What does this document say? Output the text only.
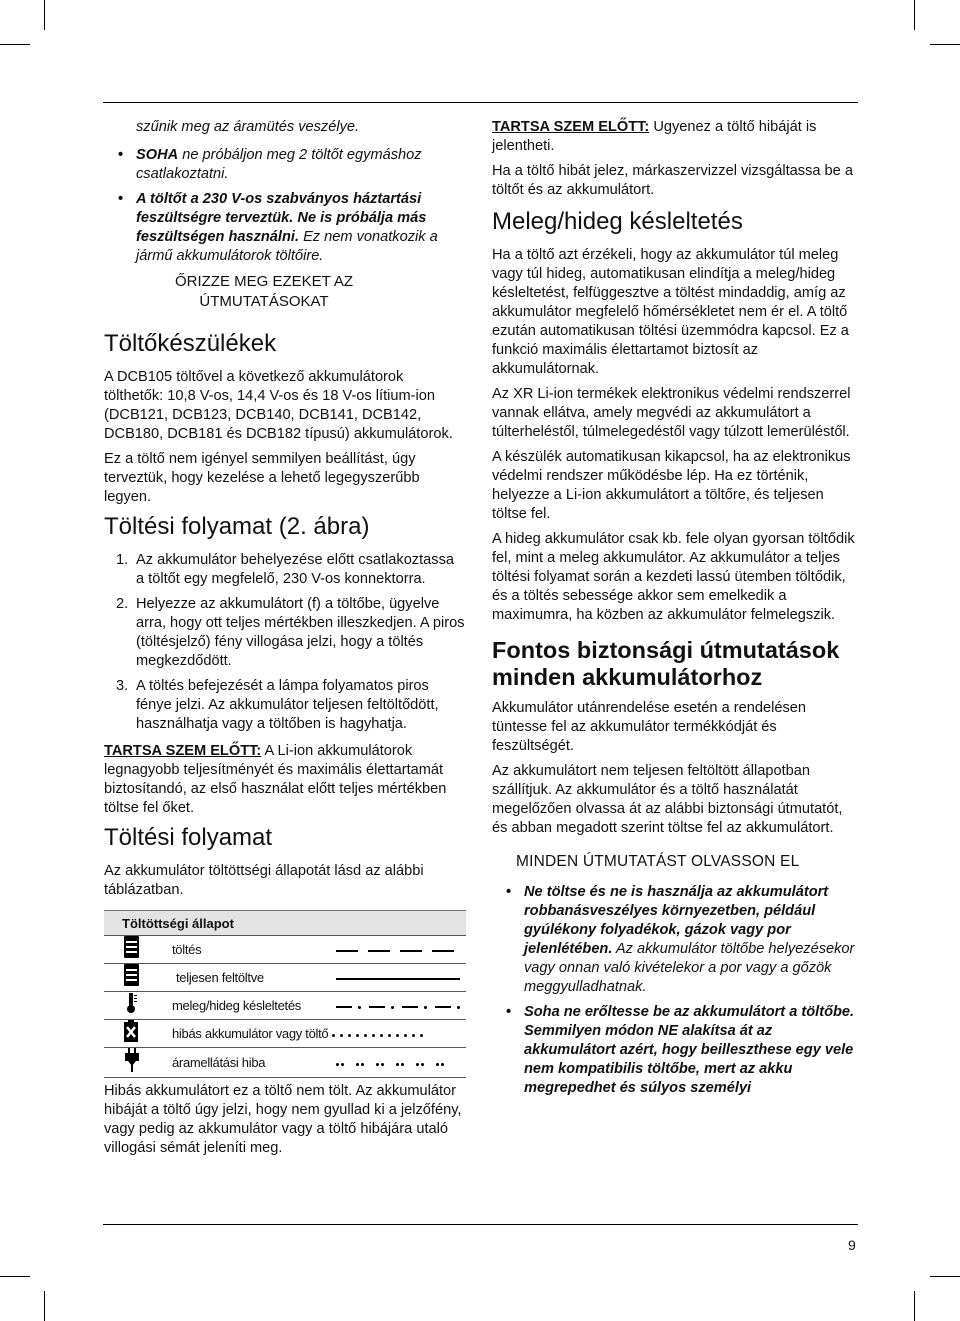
szűnik meg az áramütés veszélye.

• SOHA ne próbáljon meg 2 töltőt egymáshoz csatlakoztatni.
• A töltőt a 230 V-os szabványos háztartási feszültségre terveztük. Ne is próbálja más feszültségen használni. Ez nem vonatkozik a jármű akkumulátorok töltőire.
ŐRIZZE MEG EZEKET AZ ÚTMUTATÁSOKAT
Töltőkészülékek

A DCB105 töltővel a következő akkumulátorok tölthetők: 10,8 V-os, 14,4 V-os és 18 V-os lítium-ion (DCB121, DCB123, DCB140, DCB141, DCB142, DCB180, DCB181 és DCB182 típusú) akkumulátorok.

Ez a töltő nem igényel semmilyen beállítást, úgy terveztük, hogy kezelése a lehető legegyszerűbb legyen.

Töltési folyamat (2. ábra)
1. Az akkumulátor behelyezése előtt csatlakoztassa a töltőt egy megfelelő, 230 V-os konnektorra.
2. Helyezze az akkumulátort (f) a töltőbe, ügyelve arra, hogy ott teljes mértékben illeszkedjen. A piros (töltésjelző) fény villogása jelzi, hogy a töltés megkezdődött.
3. A töltés befejezését a lámpa folyamatos piros fénye jelzi. Az akkumulátor teljesen feltöltődött, használhatja vagy a töltőben is hagyhatja.

TARTSA SZEM ELŐTT: A Li-ion akkumulátorok legnagyobb teljesítményét és maximális élettartamát biztosítandó, az első használat előtt teljes mértékben töltse fel őket.

Töltési folyamat

Az akkumulátor töltöttségi állapotát lásd az alábbi táblázatban.

Töltöttségi állapot		
	töltés	
	teljesen feltöltve	
	meleg/hideg késleltetés	
	hibás akkumulátor vagy töltő	
	áramellátási hiba	

Hibás akkumulátort ez a töltő nem tölt. Az akkumulátor hibáját a töltő úgy jelzi, hogy nem gyullad ki a jelzőfény, vagy pedig az akkumulátor vagy a töltő hibájára utaló villogási sémát jeleníti meg.

TARTSA SZEM ELŐTT: Ugyenez a töltő hibáját is jelentheti.

Ha a töltő hibát jelez, márkaszervizzel vizsgáltassa be a töltőt és az akkumulátort.

Meleg/hideg késleltetés

Ha a töltő azt érzékeli, hogy az akkumulátor túl meleg vagy túl hideg, automatikusan elindítja a meleg/hideg késleltetést, felfüggesztve a töltést mindaddig, amíg az akkumulátor megfelelő hőmérsékletet nem ér el. A töltő ezután automatikusan töltési üzemmódra kapcsol. Ez a funkció maximális élettartamot biztosít az akkumulátornak.

Az XR Li-ion termékek elektronikus védelmi rendszerrel vannak ellátva, amely megvédi az akkumulátort a túlterheléstől, túlmelegedéstől vagy túlzott lemerüléstől.

A készülék automatikusan kikapcsol, ha az elektronikus védelmi rendszer működésbe lép. Ha ez történik, helyezze a Li-ion akkumulátort a töltőre, és teljesen töltse fel.

A hideg akkumulátor csak kb. fele olyan gyorsan töltődik fel, mint a meleg akkumulátor. Az akkumulátor a teljes töltési folyamat során a kezdeti lassú ütemben töltődik, és a töltés sebessége akkor sem emelkedik a maximumra, ha közben az akkumulátor felmelegszik.

Fontos biztonsági útmutatások minden akkumulátorhoz

Akkumulátor utánrendelése esetén a rendelésen tüntesse fel az akkumulátor termékkódját és feszültségét.

Az akkumulátort nem teljesen feltöltött állapotban szállítjuk. Az akkumulátor és a töltő használatát megelőzően olvassa át az alábbi biztonsági útmutatót, és abban megadott szerint töltse fel az akkumulátort.

MINDEN ÚTMUTATÁST OLVASSON EL
• Ne töltse és ne is használja az akkumulátort robbanásveszélyes környezetben, például gyúlékony folyadékok, gázok vagy por jelenlétében. Az akkumulátor töltőbe helyezésekor vagy onnan való kivételekor a por vagy a gőzök meggyulladhatnak.
• Soha ne erőltesse be az akkumulátort a töltőbe. Semmilyen módon NE alakítsa át az akkumulátort azért, hogy beilleszthese egy vele nem kompatibilis töltőbe, mert az akku megrepedhet és súlyos személyi
9
